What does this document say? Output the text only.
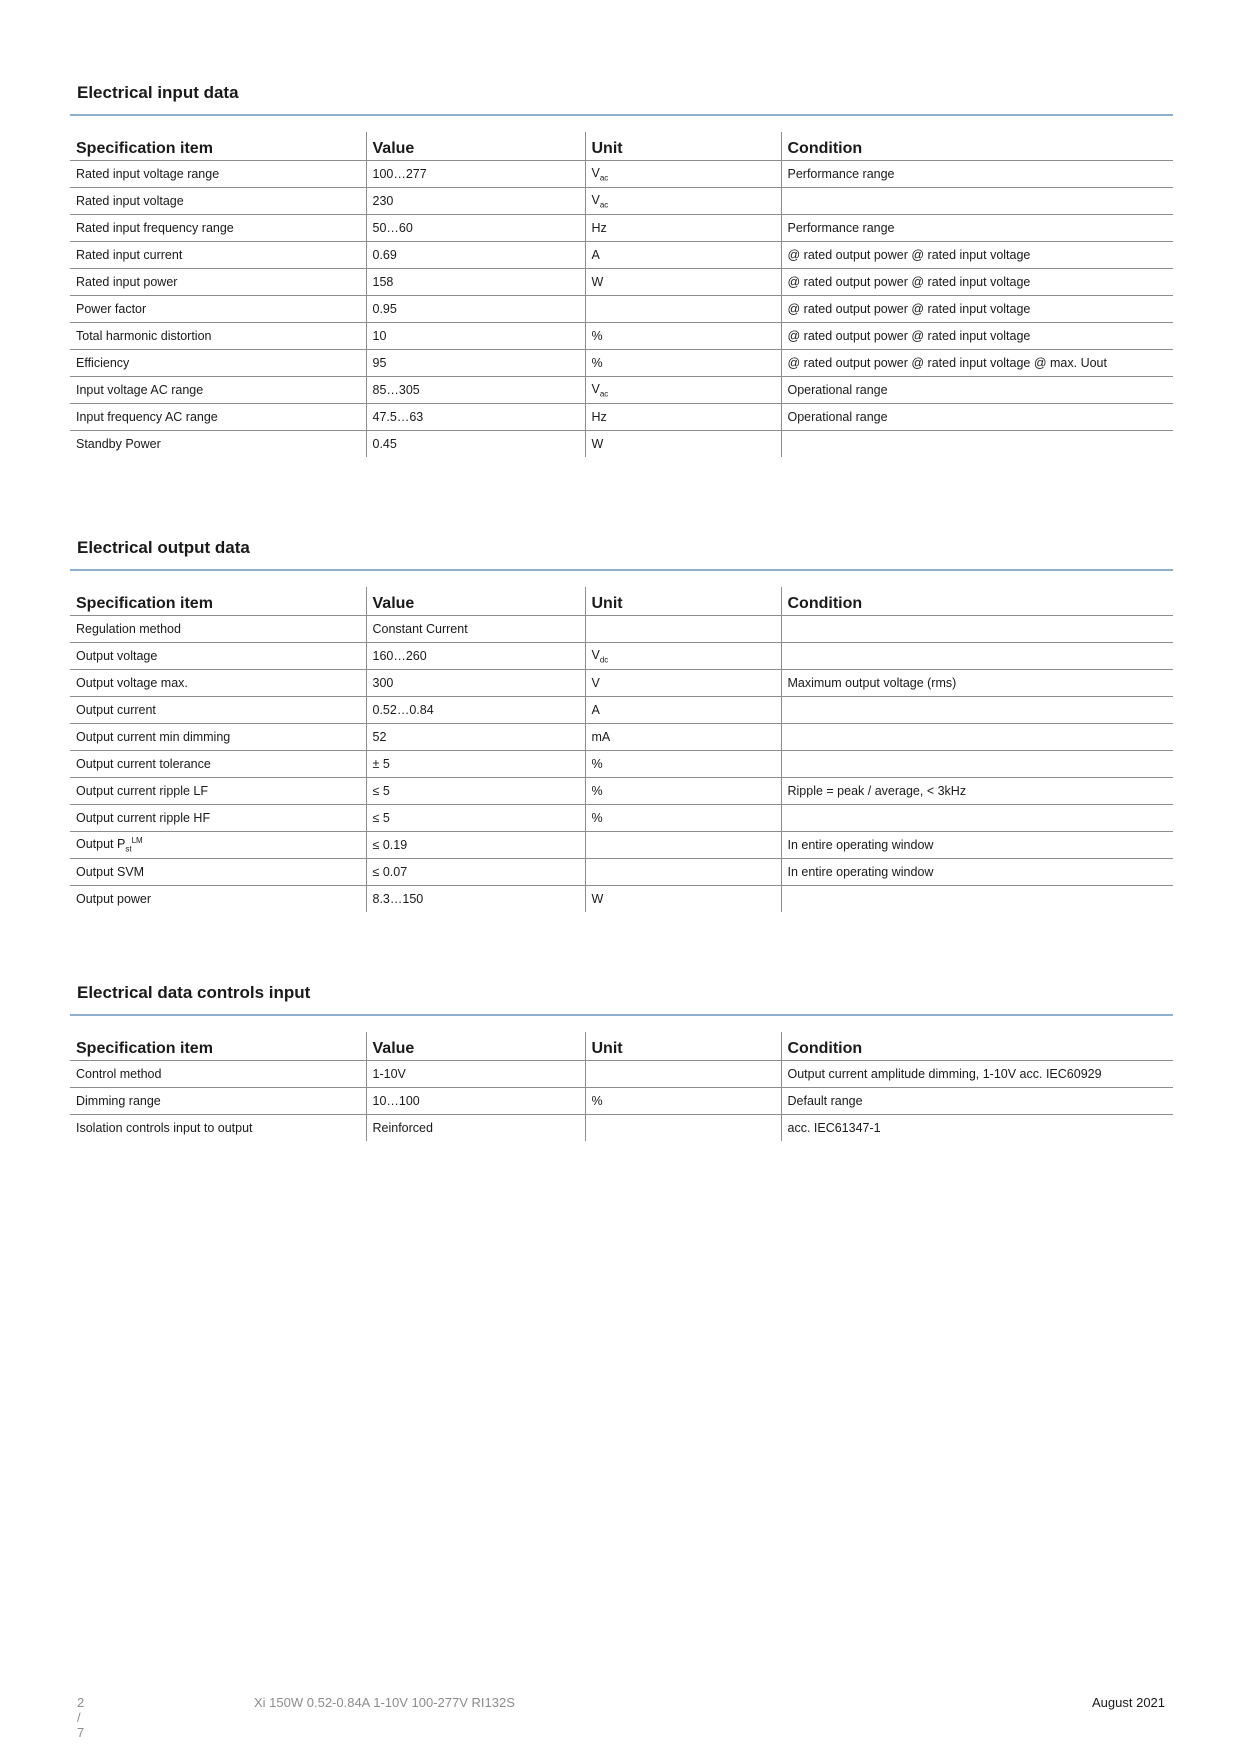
Electrical input data
Specification item	Value	Unit	Condition
Rated input voltage range	100…277	$V_{ac}$	Performance range
Rated input voltage	230	$V_{ac}$	
Rated input frequency range	50…60	Hz	Performance range
Rated input current	0.69	A	@ rated output power @ rated input voltage
Rated input power	158	W	@ rated output power @ rated input voltage
Power factor	0.95		@ rated output power @ rated input voltage
Total harmonic distortion	10	%	@ rated output power @ rated input voltage
Efficiency	95	%	@ rated output power @ rated input voltage @ max. Uout
Input voltage AC range	85…305	$V_{ac}$	Operational range
Input frequency AC range	47.5…63	Hz	Operational range
Standby Power	0.45	W	
Electrical output data
Specification item	Value	Unit	Condition
Regulation method	Constant Current		
Output voltage	160…260	$V_{dc}$	
Output voltage max.	300	V	Maximum output voltage (rms)
Output current	0.52…0.84	A	
Output current min dimming	52	mA	
Output current tolerance	± 5	%	
Output current ripple LF	≤ 5	%	Ripple = peak / average, < 3kHz
Output current ripple HF	≤ 5	%	
Output $P_{st}^{LM}$	≤ 0.19		In entire operating window
Output SVM	≤ 0.07		In entire operating window
Output power	8.3…150	W	
Electrical data controls input
Specification item	Value	Unit	Condition
Control method	1-10V		Output current amplitude dimming, 1-10V acc. IEC60929
Dimming range	10…100	%	Default range
Isolation controls input to output	Reinforced		acc. IEC61347-1
2 / 7
Xi 150W 0.52-0.84A 1-10V 100-277V RI132S	August 2021
